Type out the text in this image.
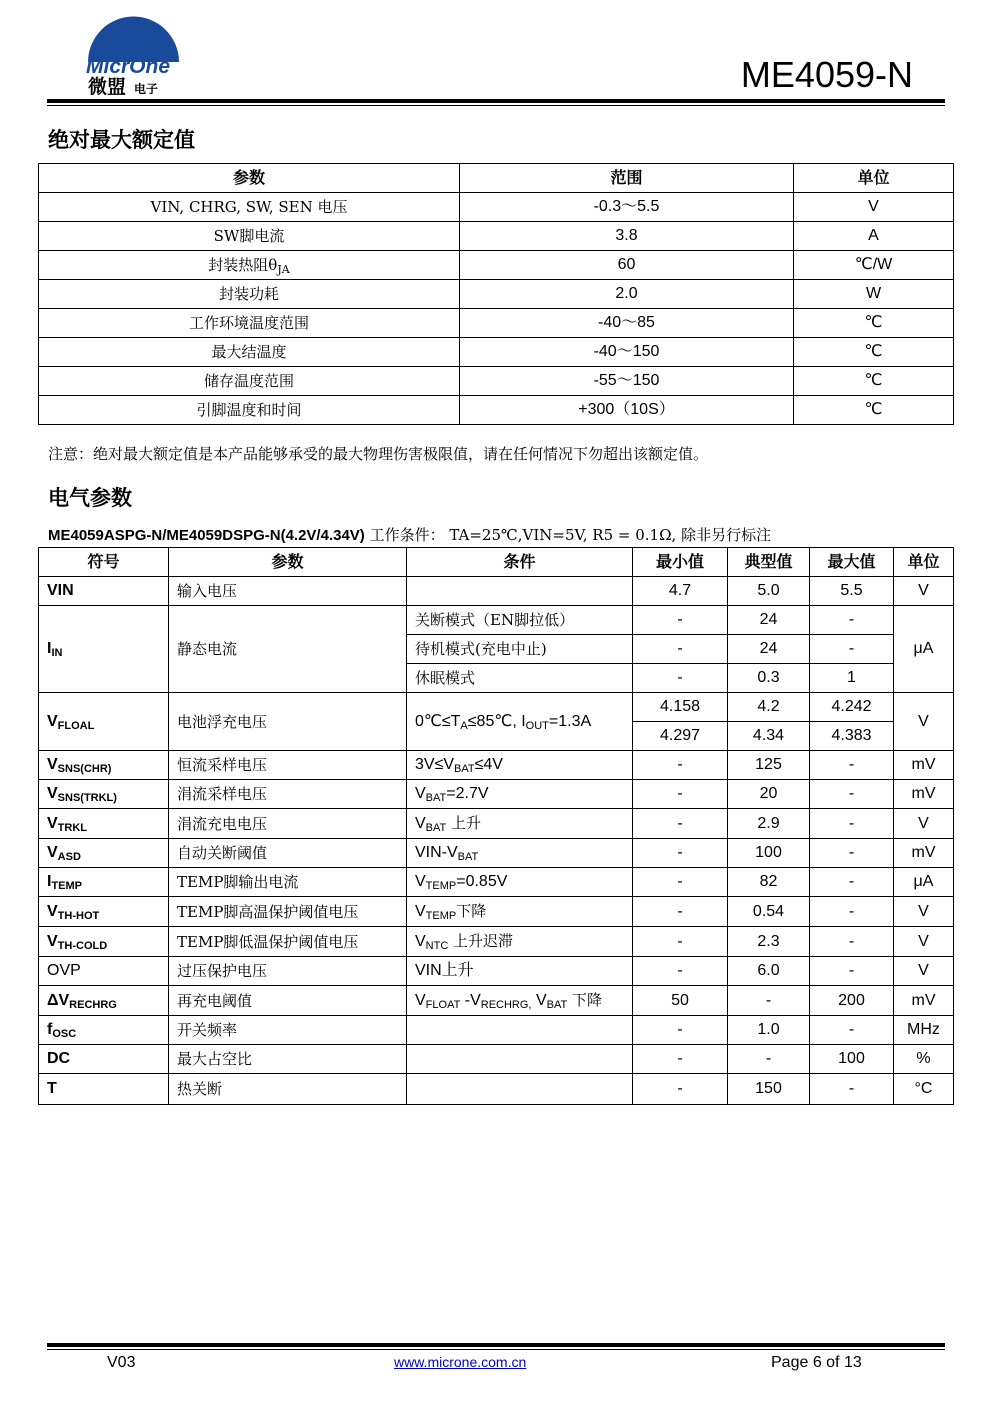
MicrOne
微盟 电子	ME4059-N
绝对最大额定值
参数	范围	单位
VIN, CHRG, SW, SEN 电压	-0.3～5.5	V
SW脚电流	3.8	A
封装热阻$\theta_{JA}$	60	℃/W
封装功耗	2.0	W
工作环境温度范围	-40～85	℃
最大结温度	-40～150	℃
储存温度范围	-55～150	℃
引脚温度和时间	+300（10S）	℃
注意：绝对最大额定值是本产品能够承受的最大物理伤害极限值，请在任何情况下勿超出该额定值。
电气参数
ME4059ASPG-N/ME4059DSPG-N(4.2V/4.34V) 工作条件： TA=25℃,VIN=5V, R5 = 0.1Ω, 除非另行标注
符号	参数	条件	最小值	典型值	最大值	单位
VIN	输入电压		4.7	5.0	5.5	V
$I_{IN}$	静态电流	关断模式（EN脚拉低）	-	24	-	μA
		待机模式(充电中止)	-	24	-	
		休眠模式	-	0.3	1	
$V_{FLOAL}$	电池浮充电压	$0℃\le T_A\le 85℃$, $I_{OUT}=1.3A$	4.158	4.2	4.242	V
			4.297	4.34	4.383	
$V_{SNS(CHR)}$	恒流采样电压	$3V\le V_{BAT}\le 4V$	-	125	-	mV
$V_{SNS(TRKL)}$	涓流采样电压	$V_{BAT}=2.7V$	-	20	-	mV
$V_{TRKL}$	涓流充电电压	$V_{BAT}$ 上升	-	2.9	-	V
$V_{ASD}$	自动关断阈值	VIN-$V_{BAT}$	-	100	-	mV
$I_{TEMP}$	TEMP脚输出电流	$V_{TEMP}=0.85V$	-	82	-	μA
$V_{TH-HOT}$	TEMP脚高温保护阈值电压	$V_{TEMP}$下降	-	0.54	-	V
$V_{TH-COLD}$	TEMP脚低温保护阈值电压	$V_{NTC}$ 上升迟滞	-	2.3	-	V
OVP	过压保护电压	VIN上升	-	6.0	-	V
$\Delta V_{RECHRG}$	再充电阈值	$V_{FLOAT}$ $-V_{RECHRG,}$ $V_{BAT}$ 下降	50	-	200	mV
$f_{OSC}$	开关频率		-	1.0	-	MHz
DC	最大占空比		-	-	100	%
T	热关断		-	150	-	°C
V03	www.microne.com.cn	Page 6 of 13
